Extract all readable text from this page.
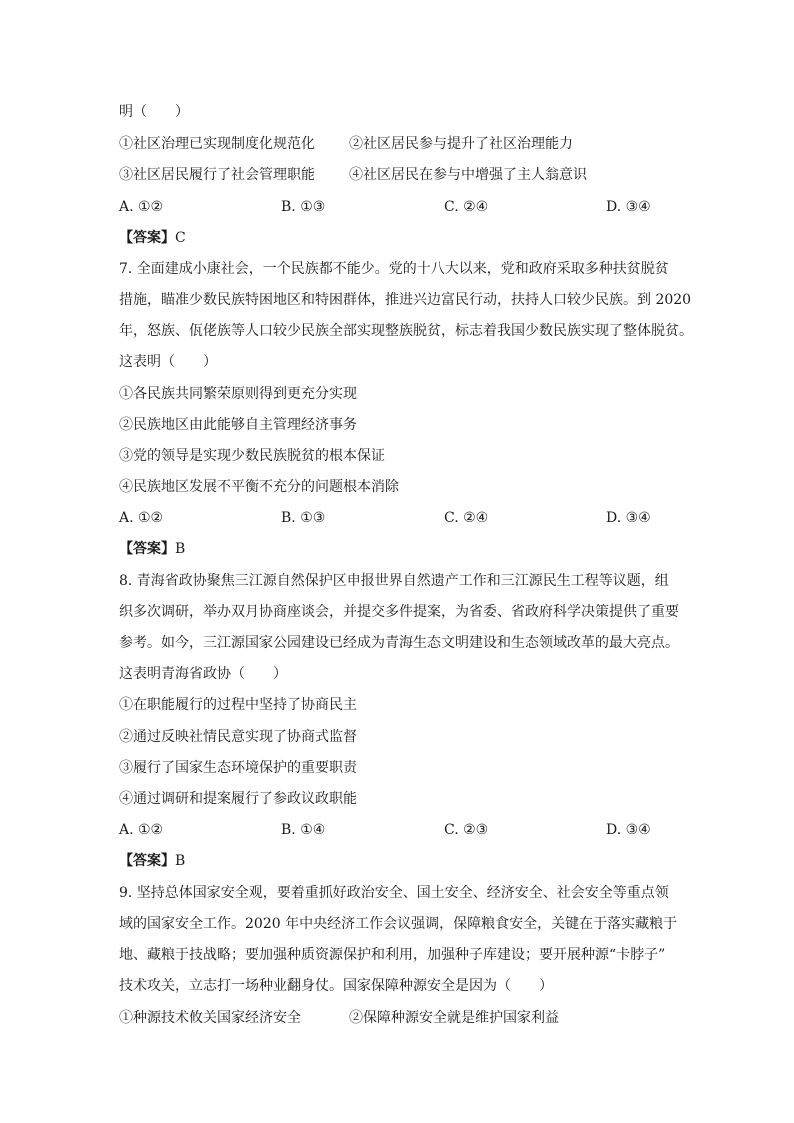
明（　　）
①社区治理已实现制度化规范化 ②社区居民参与提升了社区治理能力
③社区居民履行了社会管理职能 ④社区居民在参与中增强了主人翁意识
A. ①②	B. ①③	C. ②④	D. ③④
【答案】C
7. 全面建成小康社会，一个民族都不能少。党的十八大以来，党和政府采取多种扶贫脱贫
措施，瞄准少数民族特困地区和特困群体，推进兴边富民行动，扶持人口较少民族。到 2020
年，怒族、佤佬族等人口较少民族全部实现整族脱贫，标志着我国少数民族实现了整体脱贫。
这表明（　　）
①各民族共同繁荣原则得到更充分实现
②民族地区由此能够自主管理经济事务
③党的领导是实现少数民族脱贫的根本保证
④民族地区发展不平衡不充分的问题根本消除
A. ①②	B. ①③	C. ②④	D. ③④
【答案】B
8. 青海省政协聚焦三江源自然保护区申报世界自然遗产工作和三江源民生工程等议题，组
织多次调研，举办双月协商座谈会，并提交多件提案，为省委、省政府科学决策提供了重要
参考。如今，三江源国家公园建设已经成为青海生态文明建设和生态领域改革的最大亮点。
这表明青海省政协（　　）
①在职能履行的过程中坚持了协商民主
②通过反映社情民意实现了协商式监督
③履行了国家生态环境保护的重要职责
④通过调研和提案履行了参政议政职能
A. ①②	B. ①④	C. ②③	D. ③④
【答案】B
9. 坚持总体国家安全观，要着重抓好政治安全、国土安全、经济安全、社会安全等重点领
域的国家安全工作。2020 年中央经济工作会议强调，保障粮食安全，关键在于落实藏粮于
地、藏粮于技战略；要加强种质资源保护和利用，加强种子库建设；要开展种源“卡脖子”
技术攻关，立志打一场种业翻身仗。国家保障种源安全是因为（　　）
①种源技术攸关国家经济安全	②保障种源安全就是维护国家利益
